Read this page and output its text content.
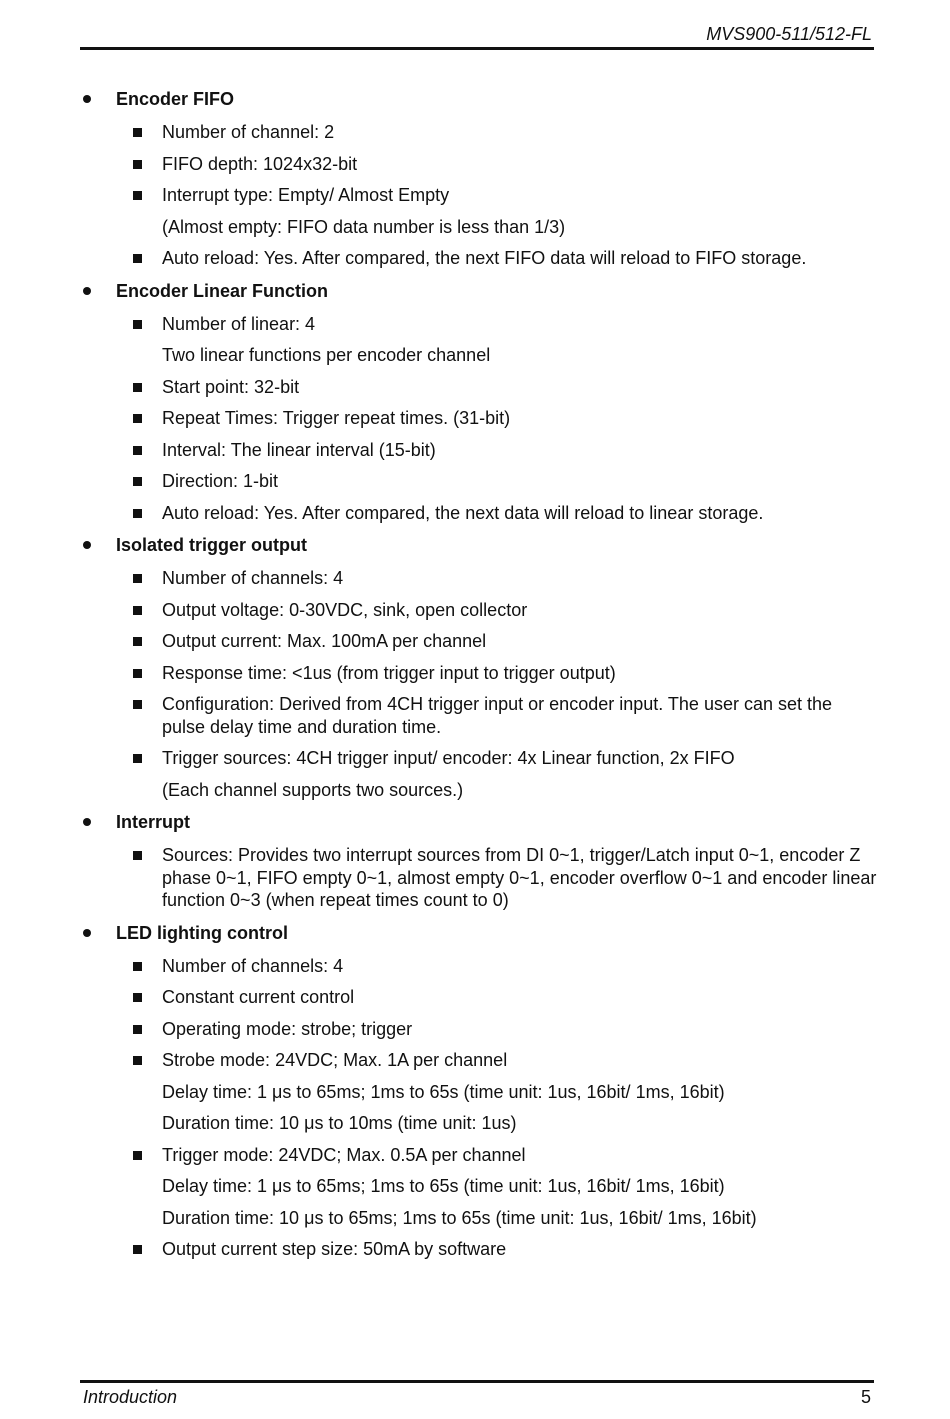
MVS900-511/512-FL
Encoder FIFO
Number of channel: 2
FIFO depth: 1024x32-bit
Interrupt type: Empty/ Almost Empty
(Almost empty: FIFO data number is less than 1/3)
Auto reload: Yes. After compared, the next FIFO data will reload to FIFO storage.
Encoder Linear Function
Number of linear: 4
Two linear functions per encoder channel
Start point: 32-bit
Repeat Times: Trigger repeat times. (31-bit)
Interval: The linear interval (15-bit)
Direction: 1-bit
Auto reload: Yes. After compared, the next data will reload to linear storage.
Isolated trigger output
Number of channels: 4
Output voltage: 0-30VDC, sink, open collector
Output current: Max. 100mA per channel
Response time: <1us (from trigger input to trigger output)
Configuration: Derived from 4CH trigger input or encoder input. The user can set the pulse delay time and duration time.
Trigger sources: 4CH trigger input/ encoder: 4x Linear function, 2x FIFO
(Each channel supports two sources.)
Interrupt
Sources: Provides two interrupt sources from DI 0~1, trigger/Latch input 0~1, encoder Z phase 0~1, FIFO empty 0~1, almost empty 0~1, encoder overflow 0~1 and encoder linear function 0~3 (when repeat times count to 0)
LED lighting control
Number of channels: 4
Constant current control
Operating mode: strobe; trigger
Strobe mode: 24VDC; Max. 1A per channel
Delay time: 1 μs to 65ms; 1ms to 65s (time unit: 1us, 16bit/ 1ms, 16bit)
Duration time: 10 μs to 10ms (time unit: 1us)
Trigger mode: 24VDC; Max. 0.5A per channel
Delay time: 1 μs to 65ms; 1ms to 65s (time unit: 1us, 16bit/ 1ms, 16bit)
Duration time: 10 μs to 65ms; 1ms to 65s (time unit: 1us, 16bit/ 1ms, 16bit)
Output current step size: 50mA by software
Introduction	5
